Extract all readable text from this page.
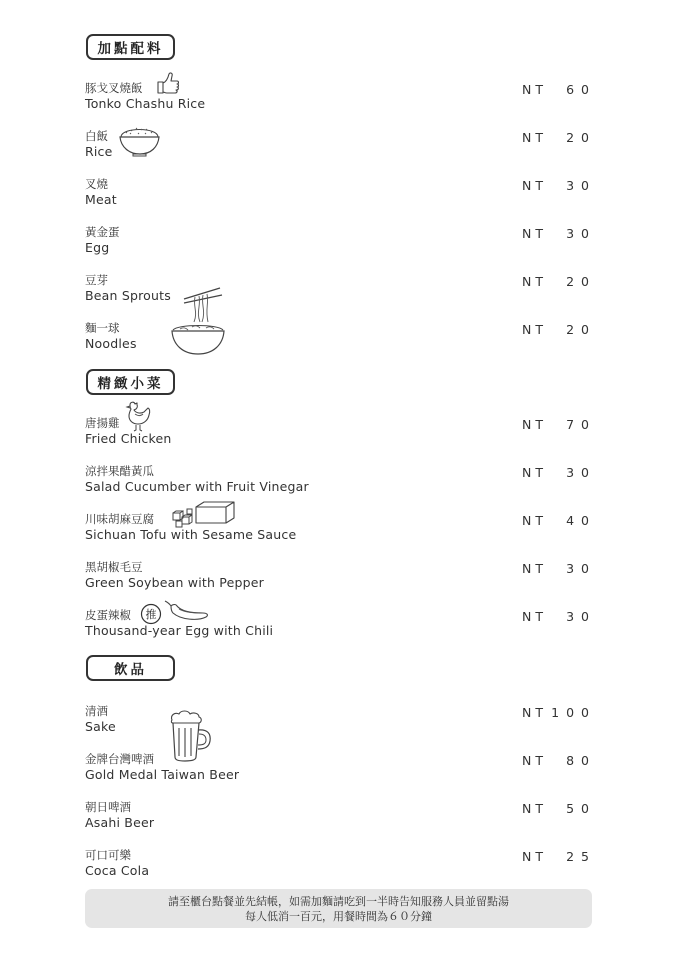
加點配料
豚戈叉燒飯
Tonko Chashu Rice
NT 60
白飯
Rice
NT 20
叉燒
Meat
NT 30
黃金蛋
Egg
NT 30
豆芽
Bean Sprouts
NT 20
麵一球
Noodles
NT 20
精緻小菜
唐揚雞
Fried Chicken
NT 70
涼拌果醋黃瓜
Salad Cucumber with Fruit Vinegar
NT 30
川味胡麻豆腐
Sichuan Tofu with Sesame Sauce
NT 40
黑胡椒毛豆
Green Soybean with Pepper
NT 30
皮蛋辣椒
Thousand-year Egg with Chili
NT 30
推
飲品
清酒
Sake
NT 100
金牌台灣啤酒
Gold Medal Taiwan Beer
NT 80
朝日啤酒
Asahi Beer
NT 50
可口可樂
Coca Cola
NT 25
請至櫃台點餐並先結帳，如需加麵請吃到一半時告知服務人員並留點湯
每人低消一百元，用餐時間為６０分鐘
